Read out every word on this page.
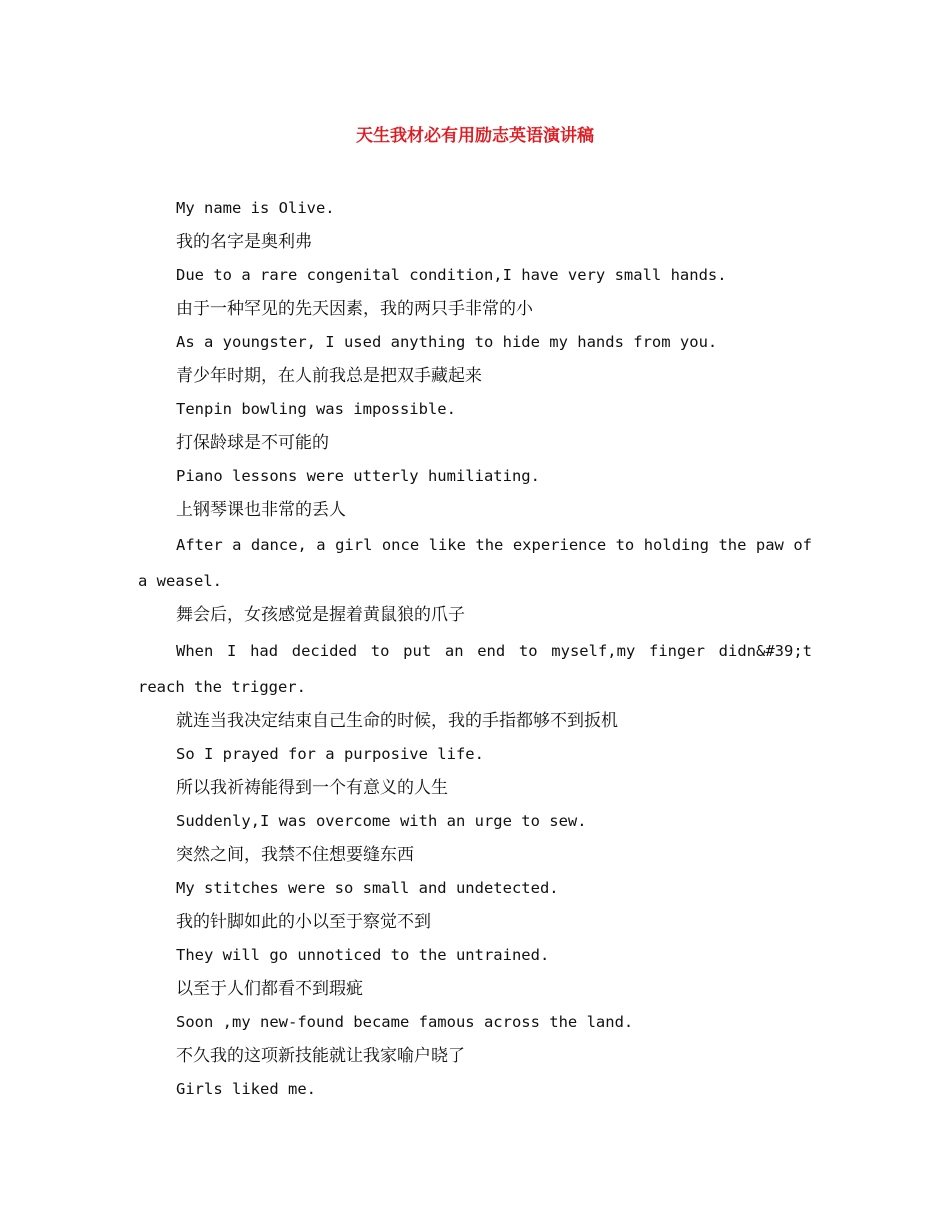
天生我材必有用励志英语演讲稿

My name is Olive.

我的名字是奥利弗

Due to a rare congenital condition,I have very small hands.

由于一种罕见的先天因素，我的两只手非常的小

As a youngster, I used anything to hide my hands from you.

青少年时期，在人前我总是把双手藏起来

Tenpin bowling was impossible.

打保龄球是不可能的

Piano lessons were utterly humiliating.

上钢琴课也非常的丢人

After a dance, a girl once like the experience to holding the paw of a weasel.

舞会后，女孩感觉是握着黄鼠狼的爪子

When I had decided to put an end to myself,my finger didn&#39;t reach the trigger.

就连当我决定结束自己生命的时候，我的手指都够不到扳机

So I prayed for a purposive life.

所以我祈祷能得到一个有意义的人生

Suddenly,I was overcome with an urge to sew.

突然之间，我禁不住想要缝东西

My stitches were so small and undetected.

我的针脚如此的小以至于察觉不到

They will go unnoticed to the untrained.

以至于人们都看不到瑕疵

Soon ,my new-found became famous across the land.

不久我的这项新技能就让我家喻户晓了

Girls liked me.
